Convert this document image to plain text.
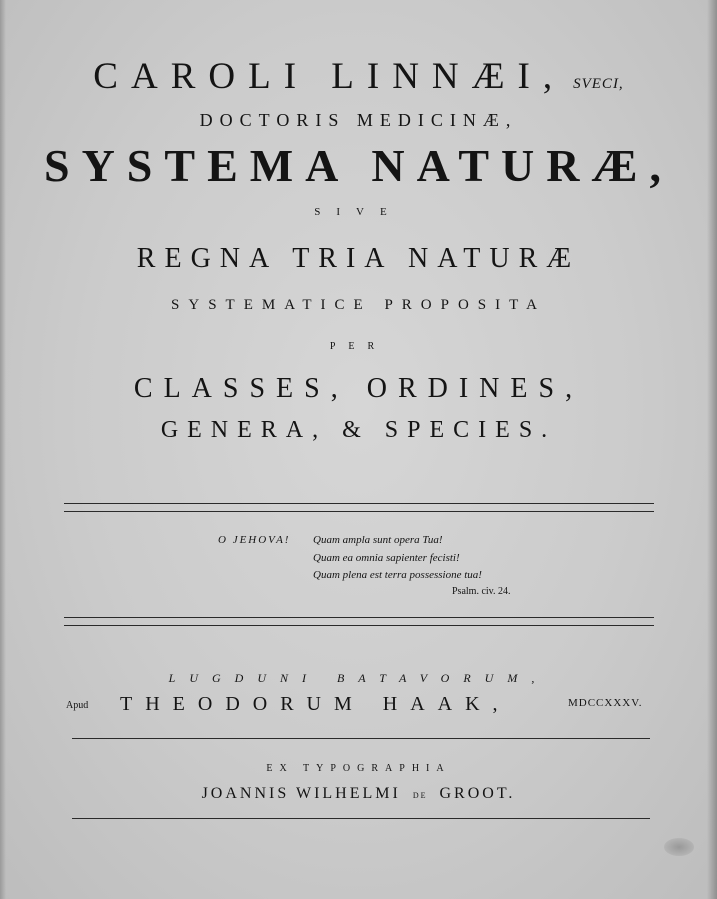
CAROLI LINNÆI, SVECI,
DOCTORIS MEDICINÆ,
SYSTEMA NATURÆ,
SIVE
REGNA TRIA NATURÆ
SYSTEMATICE PROPOSITA
PER
CLASSES, ORDINES,
GENERA, & SPECIES.
O JEHOVA! Quam ampla sunt opera Tua!
Quam ea omnia sapienter fecisti!
Quam plena est terra possessione tua!
Psalm. civ. 24.
LUGDUNI BATAVORUM,
Apud THEODORUM HAAK,	MDCCXXXV.
EX TYPOGRAPHIA
JOANNIS WILHELMI DE GROOT.
